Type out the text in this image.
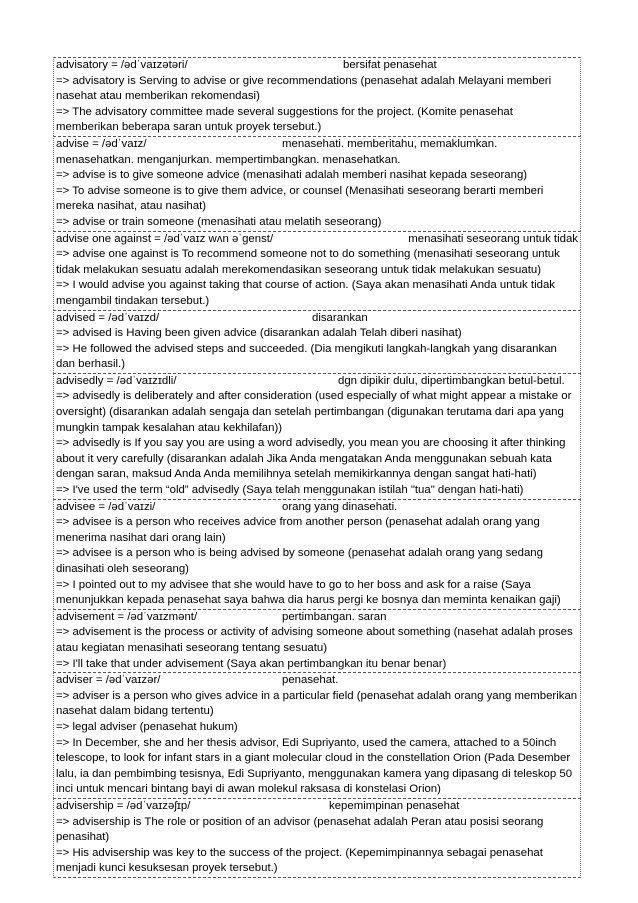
advisatory = /ədˈvaɪzətəri/	bersifat penasehat
=> advisatory is Serving to advise or give recommendations (penasehat adalah Melayani memberi nasehat atau memberikan rekomendasi)
=> The advisatory committee made several suggestions for the project. (Komite penasehat memberikan beberapa saran untuk proyek tersebut.)
advise = /ədˈvaɪz/	menasehati. memberitahu, memaklumkan. menasehatkan. menganjurkan. mempertimbangkan. menasehatkan.
=> advise is to give someone advice (menasihati adalah memberi nasihat kepada seseorang)
=> To advise someone is to give them advice, or counsel (Menasihati seseorang berarti memberi mereka nasihat, atau nasihat)
=> advise or train someone (menasihati atau melatih seseorang)
advise one against = /ədˈvaɪz wʌn əˈgenst/	menasihati seseorang untuk tidak
=> advise one against is To recommend someone not to do something (menasihati seseorang untuk tidak melakukan sesuatu adalah merekomendasikan seseorang untuk tidak melakukan sesuatu)
=> I would advise you against taking that course of action. (Saya akan menasihati Anda untuk tidak mengambil tindakan tersebut.)
advised = /ədˈvaɪzd/	disarankan
=> advised is Having been given advice (disarankan adalah Telah diberi nasihat)
=> He followed the advised steps and succeeded. (Dia mengikuti langkah-langkah yang disarankan dan berhasil.)
advisedly = /ədˈvaɪzɪdli/	dgn dipikir dulu, dipertimbangkan betul-betul.
=> advisedly is deliberately and after consideration (used especially of what might appear a mistake or oversight) (disarankan adalah sengaja dan setelah pertimbangan (digunakan terutama dari apa yang mungkin tampak kesalahan atau kekhilafan))
=> advisedly is If you say you are using a word advisedly, you mean you are choosing it after thinking about it very carefully (disarankan adalah Jika Anda mengatakan Anda menggunakan sebuah kata dengan saran, maksud Anda Anda memilihnya setelah memikirkannya dengan sangat hati-hati)
=> I've used the term “old” advisedly (Saya telah menggunakan istilah "tua" dengan hati-hati)
advisee = /ədˈvaɪzi/	orang yang dinasehati.
=> advisee is a person who receives advice from another person (penasehat adalah orang yang menerima nasihat dari orang lain)
=> advisee is a person who is being advised by someone (penasehat adalah orang yang sedang dinasihati oleh seseorang)
=> I pointed out to my advisee that she would have to go to her boss and ask for a raise (Saya menunjukkan kepada penasehat saya bahwa dia harus pergi ke bosnya dan meminta kenaikan gaji)
advisement = /ədˈvaɪzmənt/	pertimbangan. saran
=> advisement is the process or activity of advising someone about something (nasehat adalah proses atau kegiatan menasihati seseorang tentang sesuatu)
=> I'll take that under advisement (Saya akan pertimbangkan itu benar benar)
adviser = /ədˈvaɪzər/	penasehat.
=> adviser is a person who gives advice in a particular field (penasehat adalah orang yang memberikan nasehat dalam bidang tertentu)
=> legal adviser (penasehat hukum)
=> In December, she and her thesis advisor, Edi Supriyanto, used the camera, attached to a 50inch telescope, to look for infant stars in a giant molecular cloud in the constellation Orion (Pada Desember lalu, ia dan pembimbing tesisnya, Edi Supriyanto, menggunakan kamera yang dipasang di teleskop 50 inci untuk mencari bintang bayi di awan molekul raksasa di konstelasi Orion)
advisership = /ədˈvaɪzəʃɪp/	kepemimpinan penasehat
=> advisership is The role or position of an advisor (penasehat adalah Peran atau posisi seorang penasihat)
=> His advisership was key to the success of the project. (Kepemimpinannya sebagai penasehat menjadi kunci kesuksesan proyek tersebut.)
